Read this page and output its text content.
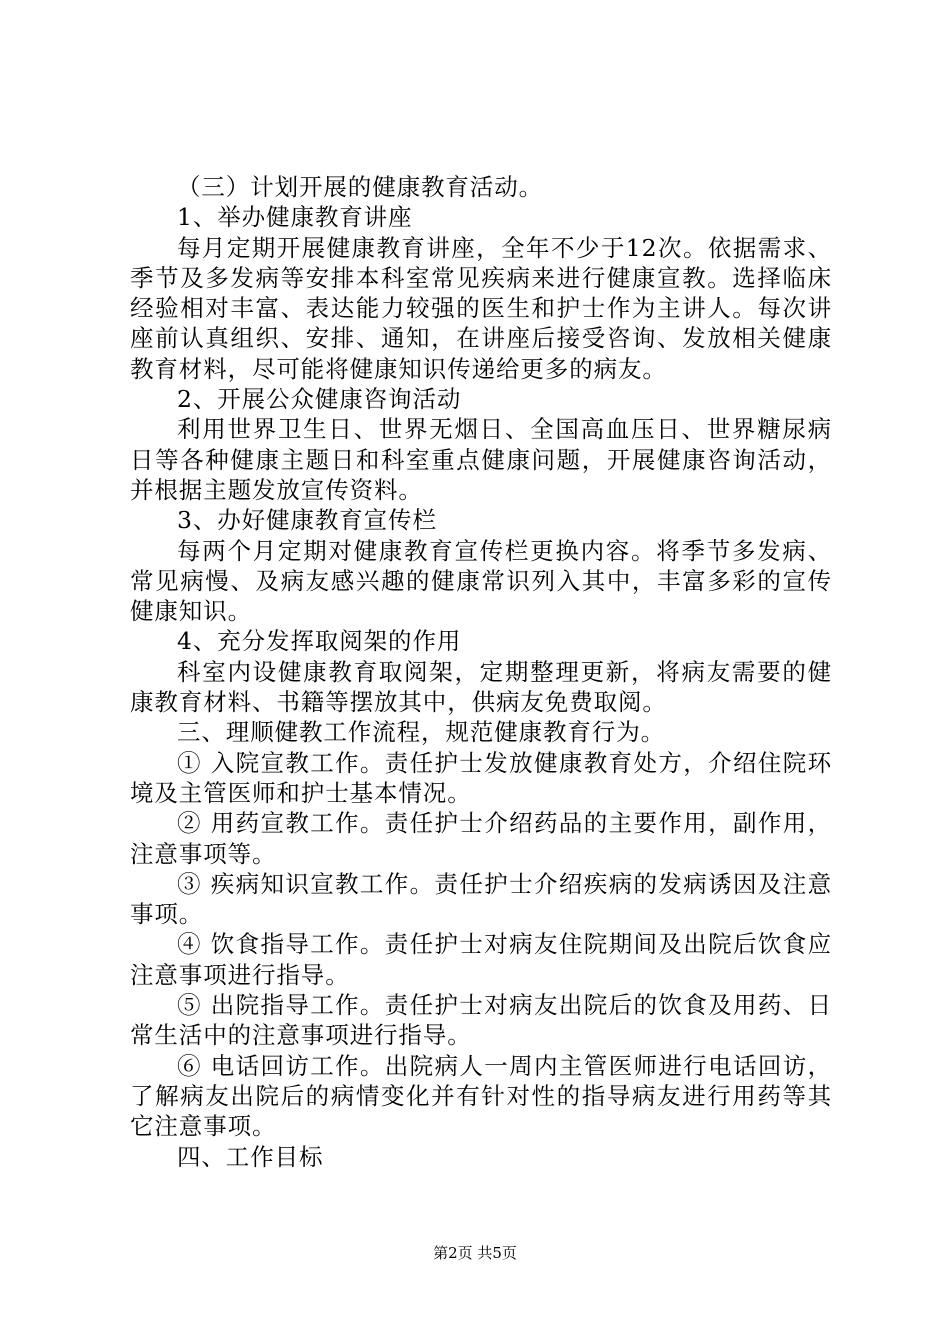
（三）计划开展的健康教育活动。

1、举办健康教育讲座

每月定期开展健康教育讲座，全年不少于12次。依据需求、季节及多发病等安排本科室常见疾病来进行健康宣教。选择临床经验相对丰富、表达能力较强的医生和护士作为主讲人。每次讲座前认真组织、安排、通知，在讲座后接受咨询、发放相关健康教育材料，尽可能将健康知识传递给更多的病友。

2、开展公众健康咨询活动

利用世界卫生日、世界无烟日、全国高血压日、世界糖尿病日等各种健康主题日和科室重点健康问题，开展健康咨询活动，并根据主题发放宣传资料。

3、办好健康教育宣传栏

每两个月定期对健康教育宣传栏更换内容。将季节多发病、常见病慢、及病友感兴趣的健康常识列入其中，丰富多彩的宣传健康知识。

4、充分发挥取阅架的作用

科室内设健康教育取阅架，定期整理更新，将病友需要的健康教育材料、书籍等摆放其中，供病友免费取阅。

三、理顺健教工作流程，规范健康教育行为。

① 入院宣教工作。责任护士发放健康教育处方，介绍住院环境及主管医师和护士基本情况。

② 用药宣教工作。责任护士介绍药品的主要作用，副作用，注意事项等。

③ 疾病知识宣教工作。责任护士介绍疾病的发病诱因及注意事项。

④ 饮食指导工作。责任护士对病友住院期间及出院后饮食应注意事项进行指导。

⑤ 出院指导工作。责任护士对病友出院后的饮食及用药、日常生活中的注意事项进行指导。

⑥ 电话回访工作。出院病人一周内主管医师进行电话回访，了解病友出院后的病情变化并有针对性的指导病友进行用药等其它注意事项。

四、工作目标

第2页 共5页
